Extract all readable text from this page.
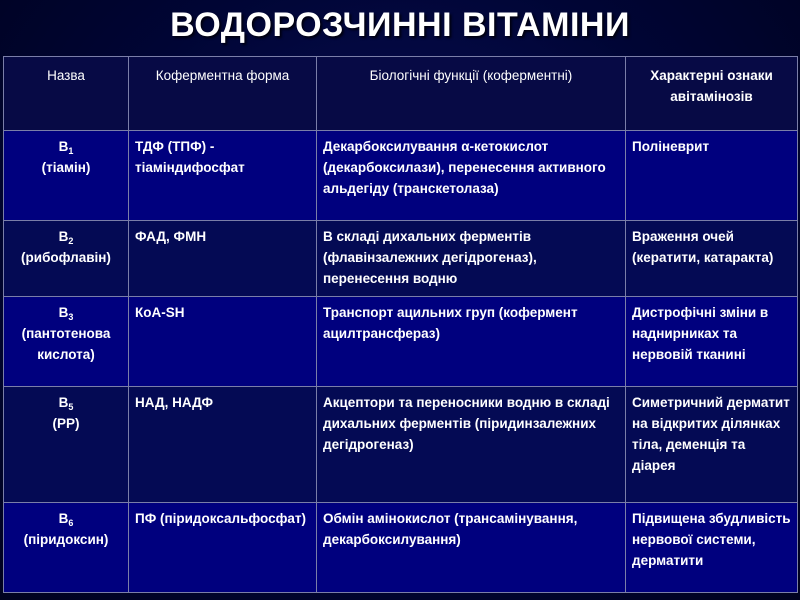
ВОДОРОЗЧИННІ ВІТАМІНИ
Назва	Коферментна форма	Біологічні функції (коферментні)	Характерні ознаки авітамінозів
$B_1$
(тіамін)	ТДФ (ТПФ) - тіаміндифосфат	Декарбоксилування α-кетокислот (декарбоксилази), перенесення активного альдегіду (транскетолаза)	Поліневрит
$B_2$
(рибофлавін)	ФАД, ФМН	В складі дихальних ферментів (флавінзалежних дегідрогеназ), перенесення водню	Враження очей (кератити, катаракта)
$B_3$
(пантотенова кислота)	КоА-SH	Транспорт ацильних груп (кофермент ацилтрансфераз)	Дистрофічні зміни в наднирниках та нервовій тканині
$B_5$
(PP)	НАД, НАДФ	Акцептори та переносники водню в складі дихальних ферментів (піридинзалежних дегідрогеназ)	Симетричний дерматит на відкритих ділянках тіла, деменція та діарея
$B_6$
(піридоксин)	ПФ (піридоксальфосфат)	Обмін амінокислот (трансамінування, декарбоксилування)	Підвищена збудливість нервової системи, дерматити
